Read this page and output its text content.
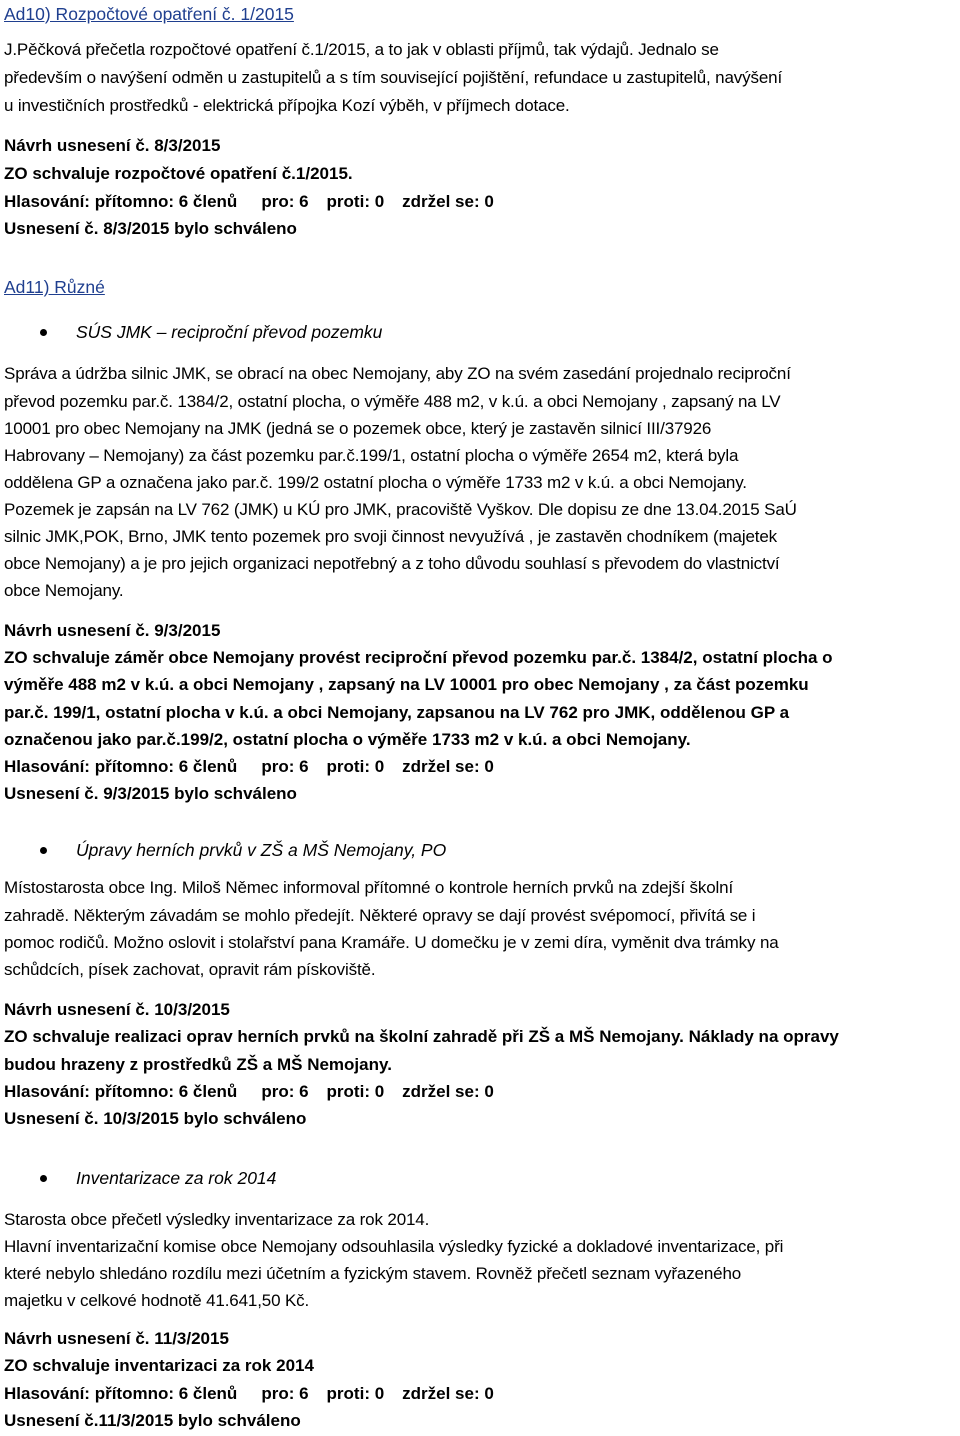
Ad10) Rozpočtové opatření č. 1/2015
J.Pěčková přečetla rozpočtové opatření č.1/2015, a to jak v oblasti příjmů, tak výdajů. Jednalo se
především o navýšení odměn u zastupitelů a s tím související pojištění, refundace u zastupitelů, navýšení
u investičních prostředků - elektrická přípojka Kozí výběh, v příjmech dotace.
Návrh usnesení č. 8/3/2015
ZO schvaluje rozpočtové opatření č.1/2015.
Hlasování: přítomno: 6 členů pro: 6 proti: 0 zdržel se: 0
Usnesení č. 8/3/2015 bylo schváleno
Ad11) Různé
SÚS JMK – reciproční převod pozemku
Správa a údržba silnic JMK, se obrací na obec Nemojany, aby ZO na svém zasedání projednalo reciproční
převod pozemku par.č. 1384/2, ostatní plocha, o výměře 488 m2, v k.ú. a obci Nemojany , zapsaný na LV
10001 pro obec Nemojany na JMK (jedná se o pozemek obce, který je zastavěn silnicí III/37926
Habrovany – Nemojany) za část pozemku par.č.199/1, ostatní plocha o výměře 2654 m2, která byla
oddělena GP a označena jako par.č. 199/2 ostatní plocha o výměře 1733 m2 v k.ú. a obci Nemojany.
Pozemek je zapsán na LV 762 (JMK) u KÚ pro JMK, pracoviště Vyškov. Dle dopisu ze dne 13.04.2015 SaÚ
silnic JMK,POK, Brno, JMK tento pozemek pro svoji činnost nevyužívá , je zastavěn chodníkem (majetek
obce Nemojany) a je pro jejich organizaci nepotřebný a z toho důvodu souhlasí s převodem do vlastnictví
obce Nemojany.
Návrh usnesení č. 9/3/2015
ZO schvaluje záměr obce Nemojany provést reciproční převod pozemku par.č. 1384/2, ostatní plocha o
výměře 488 m2 v k.ú. a obci Nemojany , zapsaný na LV 10001 pro obec Nemojany , za část pozemku
par.č. 199/1, ostatní plocha v k.ú. a obci Nemojany, zapsanou na LV 762 pro JMK, oddělenou GP a
označenou jako par.č.199/2, ostatní plocha o výměře 1733 m2 v k.ú. a obci Nemojany.
Hlasování: přítomno: 6 členů pro: 6 proti: 0 zdržel se: 0
Usnesení č. 9/3/2015 bylo schváleno
Úpravy herních prvků v ZŠ a MŠ Nemojany, PO
Místostarosta obce Ing. Miloš Němec informoval přítomné o kontrole herních prvků na zdejší školní
zahradě. Některým závadám se mohlo předejít. Některé opravy se dají provést svépomocí, přivítá se i
pomoc rodičů. Možno oslovit i stolařství pana Kramáře. U domečku je v zemi díra, vyměnit dva trámky na
schůdcích, písek zachovat, opravit rám pískoviště.
Návrh usnesení č. 10/3/2015
ZO schvaluje realizaci oprav herních prvků na školní zahradě při ZŠ a MŠ Nemojany. Náklady na opravy
budou hrazeny z prostředků ZŠ a MŠ Nemojany.
Hlasování: přítomno: 6 členů pro: 6 proti: 0 zdržel se: 0
Usnesení č. 10/3/2015 bylo schváleno
Inventarizace za rok 2014
Starosta obce přečetl výsledky inventarizace za rok 2014.
Hlavní inventarizační komise obce Nemojany odsouhlasila výsledky fyzické a dokladové inventarizace, při
které nebylo shledáno rozdílu mezi účetním a fyzickým stavem. Rovněž přečetl seznam vyřazeného
majetku v celkové hodnotě 41.641,50 Kč.
Návrh usnesení č. 11/3/2015
ZO schvaluje inventarizaci za rok 2014
Hlasování: přítomno: 6 členů pro: 6 proti: 0 zdržel se: 0
Usnesení č.11/3/2015 bylo schváleno
